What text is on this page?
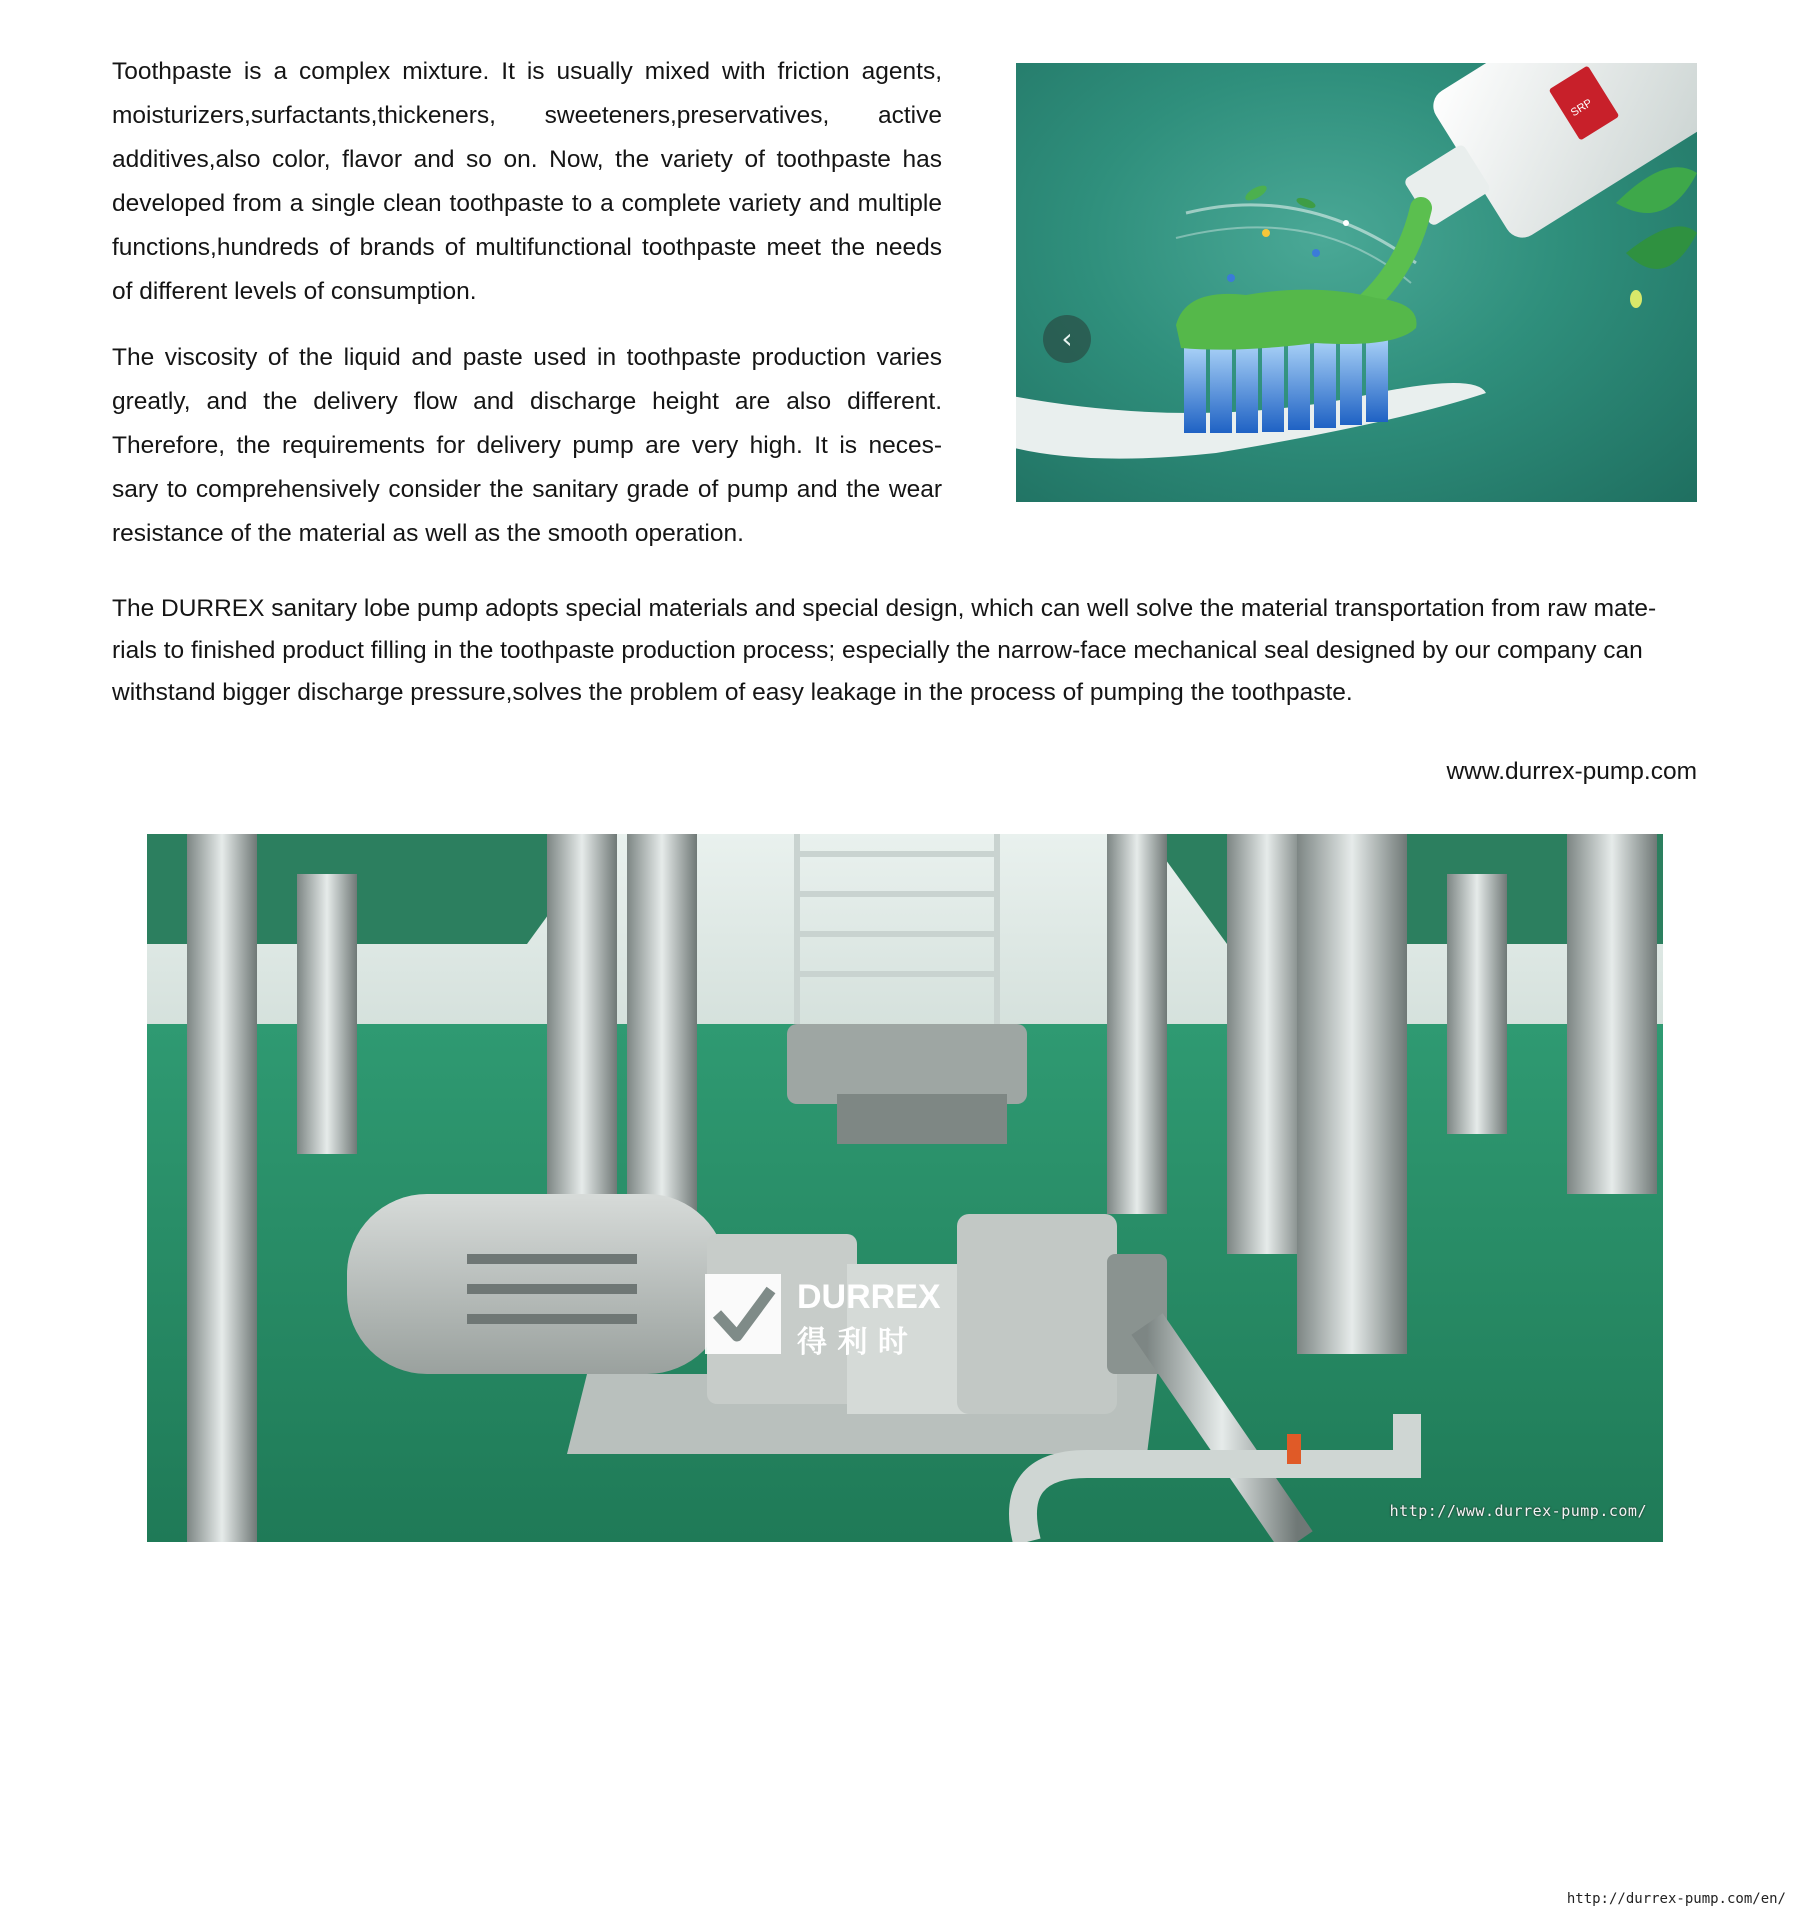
Toothpaste is a complex mixture. It is usually mixed with friction agents, moisturizers,surfactants,thickeners, sweeteners,preservatives, active additives,also color, flavor and so on. Now, the variety of toothpaste has developed from a single clean toothpaste to a complete variety and multiple functions,hundreds of brands of multifunctional toothpaste meet the needs of different levels of consumption.

The viscosity of the liquid and paste used in toothpaste production varies greatly, and the delivery flow and discharge height are also different. Therefore, the requirements for delivery pump are very high. It is neces- sary to comprehensively consider the sanitary grade of pump and the wear resistance of the material as well as the smooth operation.

The DURREX sanitary lobe pump adopts special materials and special design, which can well solve the material transportation from raw mate- rials to finished product filling in the toothpaste production process; especially the narrow-face mechanical seal designed by our company can withstand bigger discharge pressure,solves the problem of easy leakage in the process of pumping the toothpaste.

www.durrex-pump.com
SRP
‹
DURREX
得 利 时
http://www.durrex-pump.com/
http://durrex-pump.com/en/
